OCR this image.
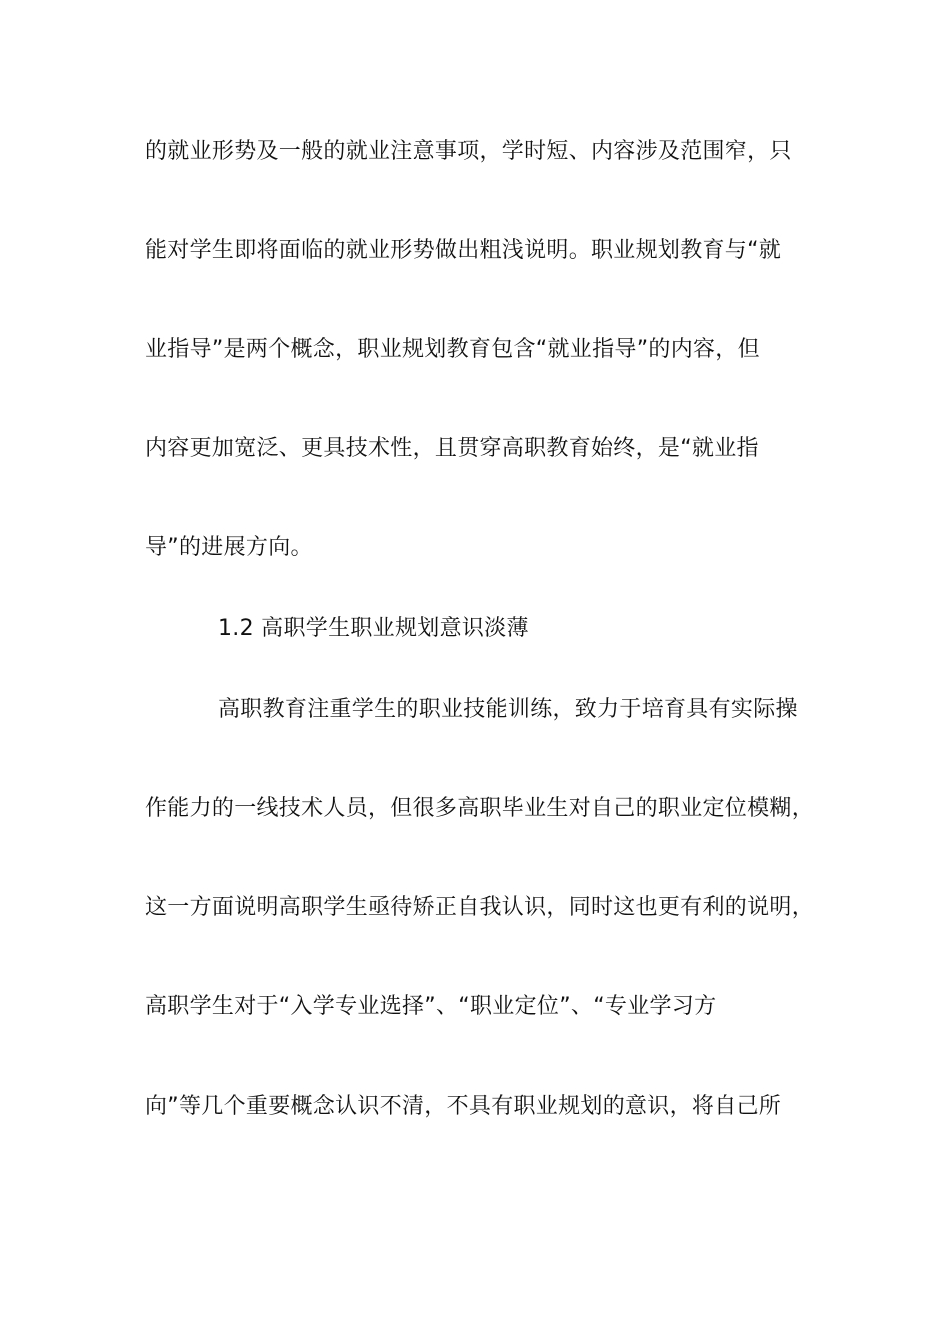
的就业形势及一般的就业注意事项，学时短、内容涉及范围窄，只
能对学生即将面临的就业形势做出粗浅说明。职业规划教育与“就
业指导”是两个概念，职业规划教育包含“就业指导”的内容，但
内容更加宽泛、更具技术性，且贯穿高职教育始终，是“就业指
导”的进展方向。
1.2 高职学生职业规划意识淡薄
高职教育注重学生的职业技能训练，致力于培育具有实际操
作能力的一线技术人员，但很多高职毕业生对自己的职业定位模糊，
这一方面说明高职学生亟待矫正自我认识，同时这也更有利的说明，
高职学生对于“入学专业选择”、“职业定位”、“专业学习方
向”等几个重要概念认识不清，不具有职业规划的意识，将自己所
